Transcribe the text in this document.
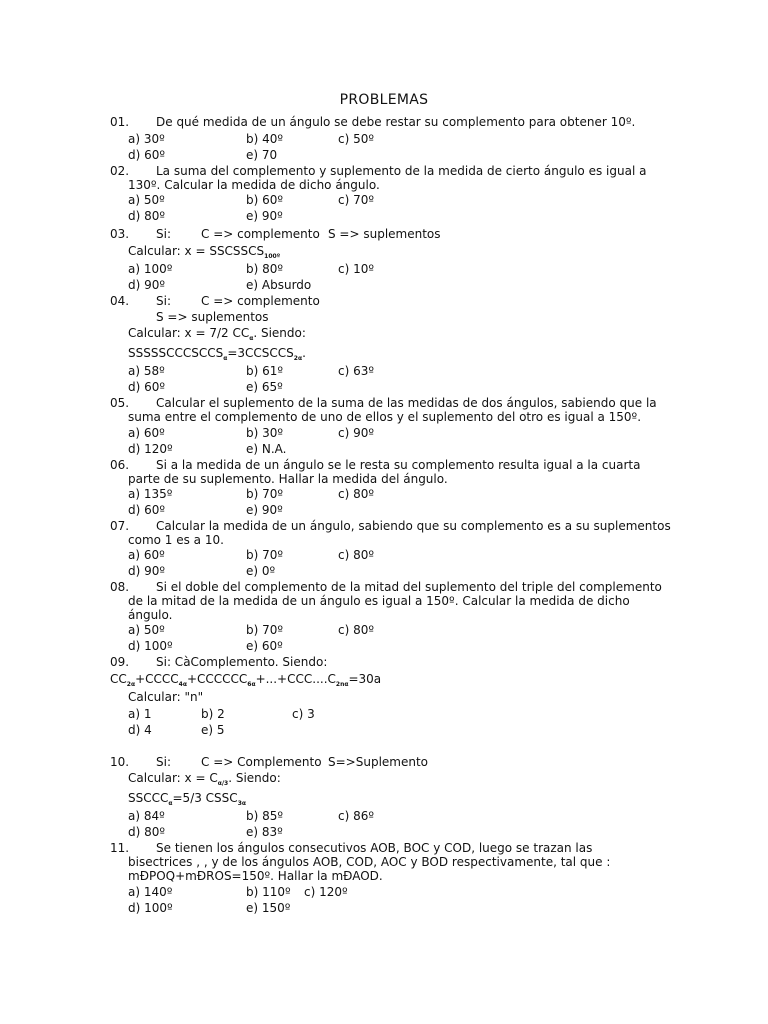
PROBLEMAS
01. De qué medida de un ángulo se debe restar su complemento para obtener 10º.
a) 30º	b) 40º	c) 50º
d) 60º	e) 70
02. La suma del complemento y suplemento de la medida de cierto ángulo es igual a
130º. Calcular la medida de dicho ángulo.
a) 50º	b) 60º	c) 70º
d) 80º	e) 90º
03. Si:	C => complemento S => suplementos
Calcular: $x = SSCSSCS_{100º}$
a) 100º	b) 80º	c) 10º
d) 90º	e) Absurdo
04. Si:	C => complemento
S => suplementos
Calcular: x = 7/2 $CC_\alpha$. Siendo:
$SSSSSCCCSCCS_\alpha=3CCSCCS_{2\alpha}$.
a) 58º	b) 61º	c) 63º
d) 60º	e) 65º
05. Calcular el suplemento de la suma de las medidas de dos ángulos, sabiendo que la
suma entre el complemento de uno de ellos y el suplemento del otro es igual a 150º.
a) 60º	b) 30º	c) 90º
d) 120º	e) N.A.
06. Si a la medida de un ángulo se le resta su complemento resulta igual a la cuarta
parte de su suplemento. Hallar la medida del ángulo.
a) 135º	b) 70º	c) 80º
d) 60º	e) 90º
07. Calcular la medida de un ángulo, sabiendo que su complemento es a su suplementos
como 1 es a 10.
a) 60º	b) 70º	c) 80º
d) 90º	e) 0º
08. Si el doble del complemento de la mitad del suplemento del triple del complemento
de la mitad de la medida de un ángulo es igual a 150º. Calcular la medida de dicho
ángulo.
a) 50º	b) 70º	c) 80º
d) 100º	e) 60º
09. Si: CàComplemento. Siendo:
$CC_{2\alpha}+CCCC_{4\alpha}+CCCCCC_{6\alpha}+...+CCC....C_{2n\alpha}=30a$
Calcular: "n"
a) 1	b) 2	c) 3
d) 4	e) 5
10. Si:	C => Complemento S=>Suplemento
Calcular: $x = C_{\alpha/3}$. Siendo:
$SSCCC_\alpha=5/3$ $CSSC_{3\alpha}$
a) 84º	b) 85º	c) 86º
d) 80º	e) 83º
11. Se tienen los ángulos consecutivos AOB, BOC y COD, luego se trazan las
bisectrices , , y de los ángulos AOB, COD, AOC y BOD respectivamente, tal que :
mÐPOQ+mÐROS=150º. Hallar la mÐAOD.
a) 140º	b) 110º c) 120º
d) 100º	e) 150º
